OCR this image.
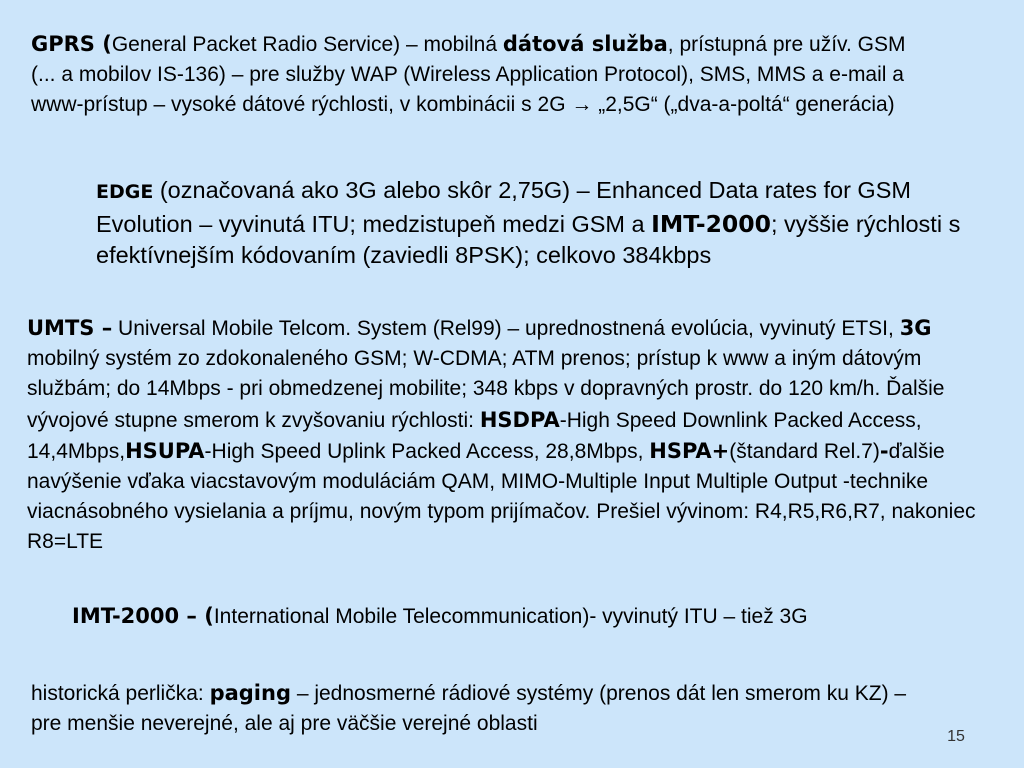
GPRS (General Packet Radio Service) – mobilná dátová služba, prístupná pre užív. GSM (... a mobilov IS-136) – pre služby WAP (Wireless Application Protocol), SMS, MMS a e-mail a www-prístup – vysoké dátové rýchlosti, v kombinácii s 2G → „2,5G“ („dva-a-poltá“ generácia)

EDGE (označovaná ako 3G alebo skôr 2,75G) – Enhanced Data rates for GSM Evolution – vyvinutá ITU; medzistupeň medzi GSM a IMT-2000; vyššie rýchlosti s efektívnejším kódovaním (zaviedli 8PSK); celkovo 384kbps

UMTS – Universal Mobile Telcom. System (Rel99) – uprednostnená evolúcia, vyvinutý ETSI, 3G mobilný systém zo zdokonaleného GSM; W-CDMA; ATM prenos; prístup k www a iným dátovým službám; do 14Mbps - pri obmedzenej mobilite; 348 kbps v dopravných prostr. do 120 km/h. Ďalšie vývojové stupne smerom k zvyšovaniu rýchlosti: HSDPA-High Speed Downlink Packed Access, 14,4Mbps,HSUPA-High Speed Uplink Packed Access, 28,8Mbps, HSPA+(štandard Rel.7)-ďalšie navýšenie vďaka viacstavovým moduláciám QAM, MIMO-Multiple Input Multiple Output -technike viacnásobného vysielania a príjmu, novým typom prijímačov. Prešiel vývinom: R4,R5,R6,R7, nakoniec R8=LTE

IMT-2000 – (International Mobile Telecommunication)- vyvinutý ITU – tiež 3G

historická perlička: paging – jednosmerné rádiové systémy (prenos dát len smerom ku KZ) – pre menšie neverejné, ale aj pre väčšie verejné oblasti

15
